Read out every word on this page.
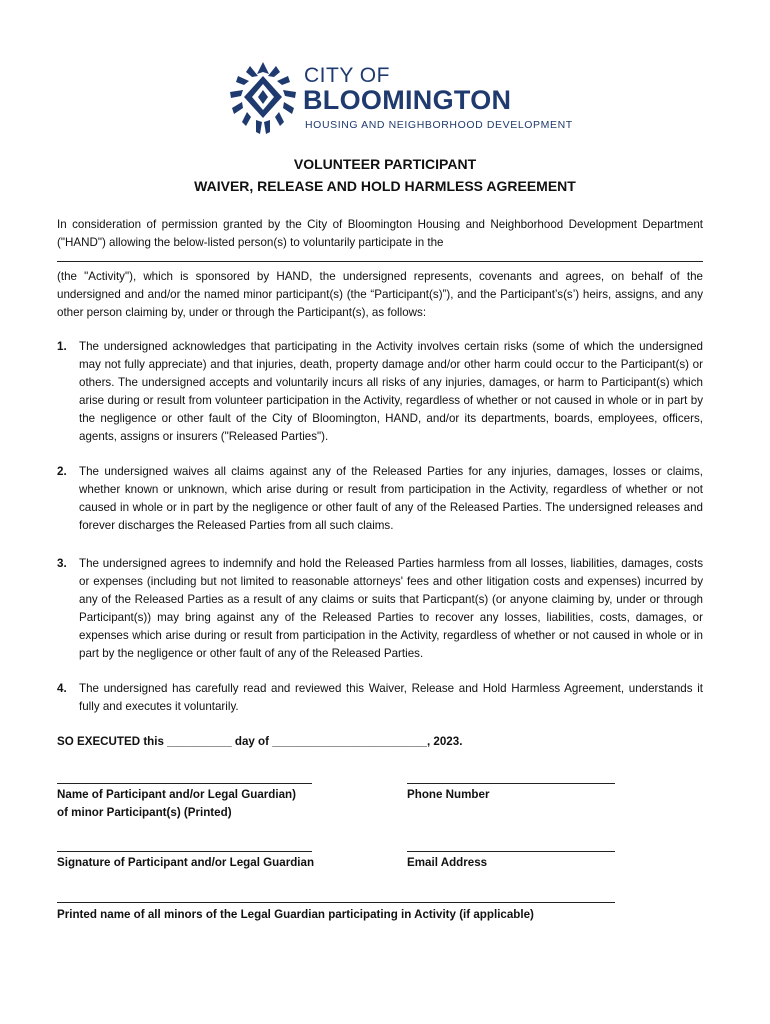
CITY OF
BLOOMINGTON
HOUSING AND NEIGHBORHOOD DEVELOPMENT
VOLUNTEER PARTICIPANT
WAIVER, RELEASE AND HOLD HARMLESS AGREEMENT
In consideration of permission granted by the City of Bloomington Housing and Neighborhood Development Department ("HAND") allowing the below-listed person(s) to voluntarily participate in the
(the "Activity"), which is sponsored by HAND, the undersigned represents, covenants and agrees, on behalf of the undersigned and and/or the named minor participant(s) (the “Participant(s)”), and the Participant’s(s’) heirs, assigns, and any other person claiming by, under or through the Participant(s), as follows:
1. The undersigned acknowledges that participating in the Activity involves certain risks (some of which the undersigned may not fully appreciate) and that injuries, death, property damage and/or other harm could occur to the Participant(s) or others. The undersigned accepts and voluntarily incurs all risks of any injuries, damages, or harm to Participant(s) which arise during or result from volunteer participation in the Activity, regardless of whether or not caused in whole or in part by the negligence or other fault of the City of Bloomington, HAND, and/or its departments, boards, employees, officers, agents, assigns or insurers ("Released Parties").
2. The undersigned waives all claims against any of the Released Parties for any injuries, damages, losses or claims, whether known or unknown, which arise during or result from participation in the Activity, regardless of whether or not caused in whole or in part by the negligence or other fault of any of the Released Parties. The undersigned releases and forever discharges the Released Parties from all such claims.
3. The undersigned agrees to indemnify and hold the Released Parties harmless from all losses, liabilities, damages, costs or expenses (including but not limited to reasonable attorneys' fees and other litigation costs and expenses) incurred by any of the Released Parties as a result of any claims or suits that Particpant(s) (or anyone claiming by, under or through Participant(s)) may bring against any of the Released Parties to recover any losses, liabilities, costs, damages, or expenses which arise during or result from participation in the Activity, regardless of whether or not caused in whole or in part by the negligence or other fault of any of the Released Parties.
4. The undersigned has carefully read and reviewed this Waiver, Release and Hold Harmless Agreement, understands it fully and executes it voluntarily.
SO EXECUTED this __________ day of ________________________, 2023.
Name of Participant and/or Legal Guardian)
of minor Participant(s) (Printed)
Phone Number
Signature of Participant and/or Legal Guardian	Email Address
Printed name of all minors of the Legal Guardian participating in Activity (if applicable)
